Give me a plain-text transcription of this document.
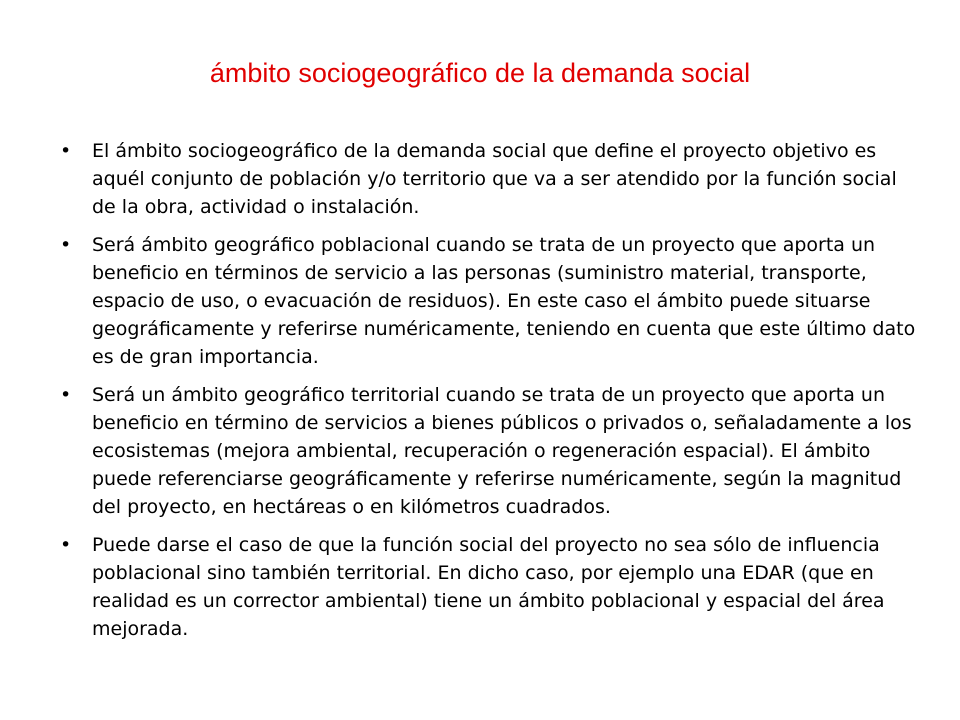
ámbito sociogeográfico de la demanda social
•	El ámbito sociogeográfico de la demanda social que define el proyecto objetivo es aquél conjunto de población y/o territorio que va a ser atendido por la función social de la obra, actividad o instalación.
•	Será ámbito geográfico poblacional cuando se trata de un proyecto que aporta un beneficio en términos de servicio a las personas (suministro material, transporte, espacio de uso, o evacuación de residuos). En este caso el ámbito puede situarse geográficamente y referirse numéricamente, teniendo en cuenta que este último dato es de gran importancia.
•	Será un ámbito geográfico territorial cuando se trata de un proyecto que aporta un beneficio en término de servicios a bienes públicos o privados o, señaladamente a los ecosistemas (mejora ambiental, recuperación o regeneración espacial). El ámbito puede referenciarse geográficamente y referirse numéricamente, según la magnitud del proyecto, en hectáreas o en kilómetros cuadrados.
•	Puede darse el caso de que la función social del proyecto no sea sólo de influencia poblacional sino también territorial. En dicho caso, por ejemplo una EDAR (que en realidad es un corrector ambiental) tiene un ámbito poblacional y espacial del área mejorada.
